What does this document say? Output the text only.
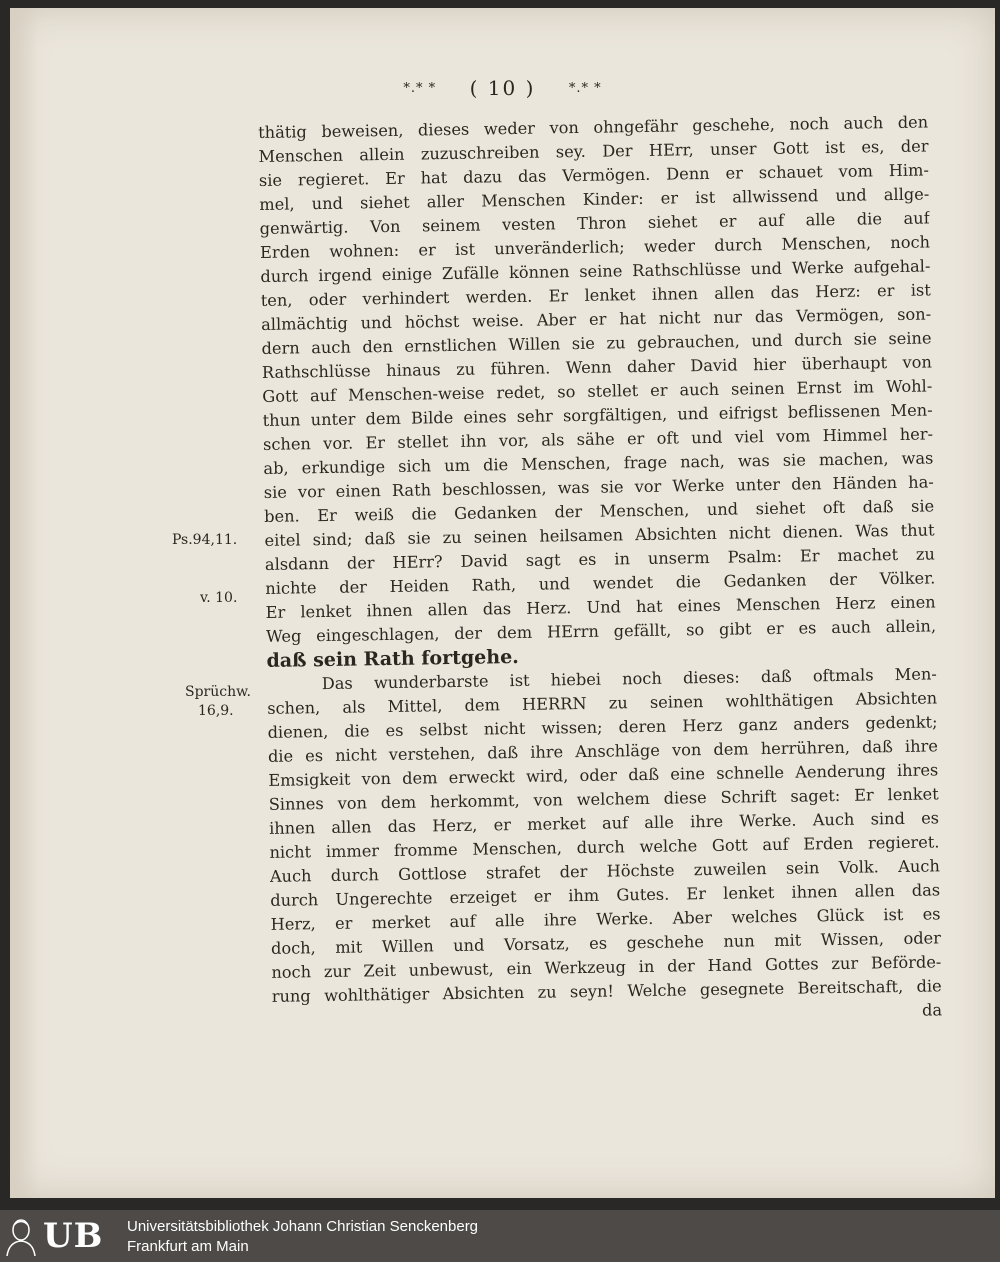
*.* * ( 10 )	*.* *
Ps.94,11.
v. 10.
Sprüchw.
16,9.
thätig beweisen, dieses weder von ohngefähr geschehe, noch auch den
Menschen allein zuzuschreiben sey. Der HErr, unser Gott ist es, der
sie regieret. Er hat dazu das Vermögen. Denn er schauet vom Him-
mel, und siehet aller Menschen Kinder: er ist allwissend und allge-
genwärtig. Von seinem vesten Thron siehet er auf alle die auf
Erden wohnen: er ist unveränderlich; weder durch Menschen, noch
durch irgend einige Zufälle können seine Rathschlüsse und Werke aufgehal-
ten, oder verhindert werden. Er lenket ihnen allen das Herz: er ist
allmächtig und höchst weise. Aber er hat nicht nur das Vermögen, son-
dern auch den ernstlichen Willen sie zu gebrauchen, und durch sie seine
Rathschlüsse hinaus zu führen. Wenn daher David hier überhaupt von
Gott auf Menschen-weise redet, so stellet er auch seinen Ernst im Wohl-
thun unter dem Bilde eines sehr sorgfältigen, und eifrigst beflissenen Men-
schen vor. Er stellet ihn vor, als sähe er oft und viel vom Himmel her-
ab, erkundige sich um die Menschen, frage nach, was sie machen, was
sie vor einen Rath beschlossen, was sie vor Werke unter den Händen ha-
ben. Er weiß die Gedanken der Menschen, und siehet oft daß sie
eitel sind; daß sie zu seinen heilsamen Absichten nicht dienen. Was thut
alsdann der HErr? David sagt es in unserm Psalm: Er machet zu
nichte der Heiden Rath, und wendet die Gedanken der Völker.
Er lenket ihnen allen das Herz. Und hat eines Menschen Herz einen
Weg eingeschlagen, der dem HErrn gefällt, so gibt er es auch allein,
daß sein Rath fortgehe.
Das wunderbarste ist hiebei noch dieses: daß oftmals Men-
schen, als Mittel, dem HERRN zu seinen wohlthätigen Absichten
dienen, die es selbst nicht wissen; deren Herz ganz anders gedenkt;
die es nicht verstehen, daß ihre Anschläge von dem herrühren, daß ihre
Emsigkeit von dem erweckt wird, oder daß eine schnelle Aenderung ihres
Sinnes von dem herkommt, von welchem diese Schrift saget: Er lenket
ihnen allen das Herz, er merket auf alle ihre Werke. Auch sind es
nicht immer fromme Menschen, durch welche Gott auf Erden regieret.
Auch durch Gottlose strafet der Höchste zuweilen sein Volk. Auch
durch Ungerechte erzeiget er ihm Gutes. Er lenket ihnen allen das
Herz, er merket auf alle ihre Werke. Aber welches Glück ist es
doch, mit Willen und Vorsatz, es geschehe nun mit Wissen, oder
noch zur Zeit unbewust, ein Werkzeug in der Hand Gottes zur Beförde-
rung wohlthätiger Absichten zu seyn! Welche gesegnete Bereitschaft, die
da
UB Universitätsbibliothek Johann Christian Senckenberg
Frankfurt am Main
